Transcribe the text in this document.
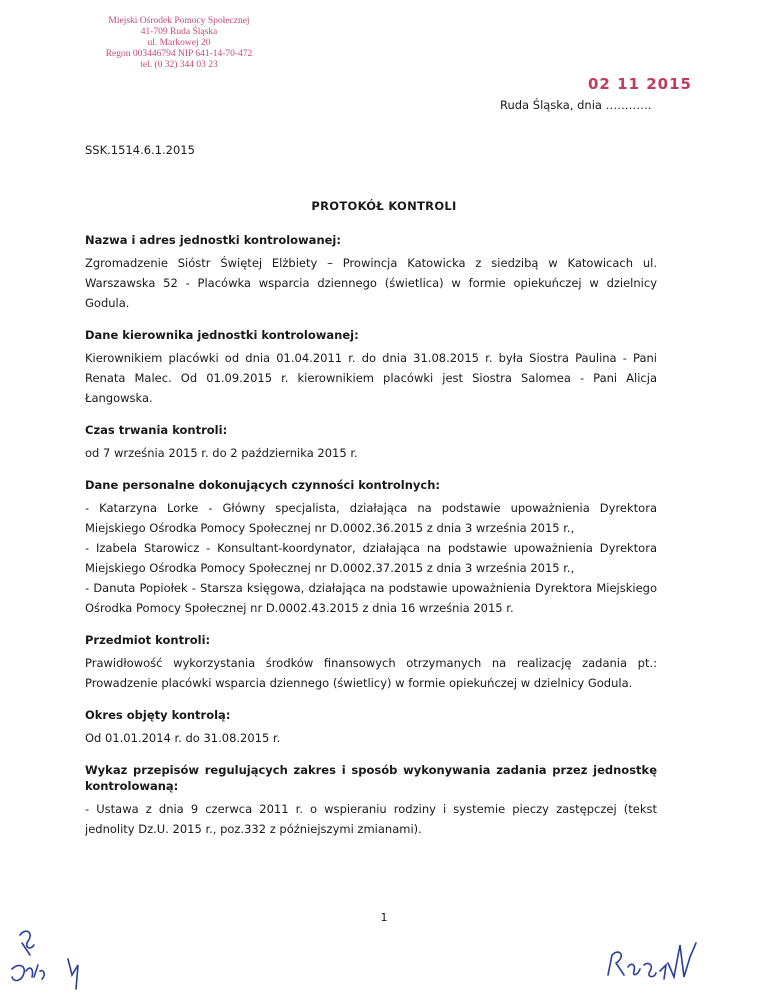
Miejski Ośrodek Pomocy Społecznej
41-709 Ruda Śląska
ul. Markowej 20
Regon 003446794 NIP 641-14-70-472
tel. (0 32) 344 03 23
02 11 2015
Ruda Śląska, dnia …………
SSK.1514.6.1.2015
PROTOKÓŁ KONTROLI
Nazwa i adres jednostki kontrolowanej:

Zgromadzenie Sióstr Świętej Elżbiety – Prowincja Katowicka z siedzibą w Katowicach ul. Warszawska 52 - Placówka wsparcia dziennego (świetlica) w formie opiekuńczej w dzielnicy Godula.

Dane kierownika jednostki kontrolowanej:

Kierownikiem placówki od dnia 01.04.2011 r. do dnia 31.08.2015 r. była Siostra Paulina - Pani Renata Malec. Od 01.09.2015 r. kierownikiem placówki jest Siostra Salomea - Pani Alicja Łangowska.

Czas trwania kontroli:

od 7 września 2015 r. do 2 października 2015 r.

Dane personalne dokonujących czynności kontrolnych:

- Katarzyna Lorke - Główny specjalista, działająca na podstawie upoważnienia Dyrektora Miejskiego Ośrodka Pomocy Społecznej nr D.0002.36.2015 z dnia 3 września 2015 r.,

- Izabela Starowicz - Konsultant-koordynator, działająca na podstawie upoważnienia Dyrektora Miejskiego Ośrodka Pomocy Społecznej nr D.0002.37.2015 z dnia 3 września 2015 r.,

- Danuta Popiołek - Starsza księgowa, działająca na podstawie upoważnienia Dyrektora Miejskiego Ośrodka Pomocy Społecznej nr D.0002.43.2015 z dnia 16 września 2015 r.

Przedmiot kontroli:

Prawidłowość wykorzystania środków finansowych otrzymanych na realizację zadania pt.: Prowadzenie placówki wsparcia dziennego (świetlicy) w formie opiekuńczej w dzielnicy Godula.

Okres objęty kontrolą:

Od 01.01.2014 r. do 31.08.2015 r.

Wykaz przepisów regulujących zakres i sposób wykonywania zadania przez jednostkę kontrolowaną:

- Ustawa z dnia 9 czerwca 2011 r. o wspieraniu rodziny i systemie pieczy zastępczej (tekst jednolity Dz.U. 2015 r., poz.332 z późniejszymi zmianami).

1
